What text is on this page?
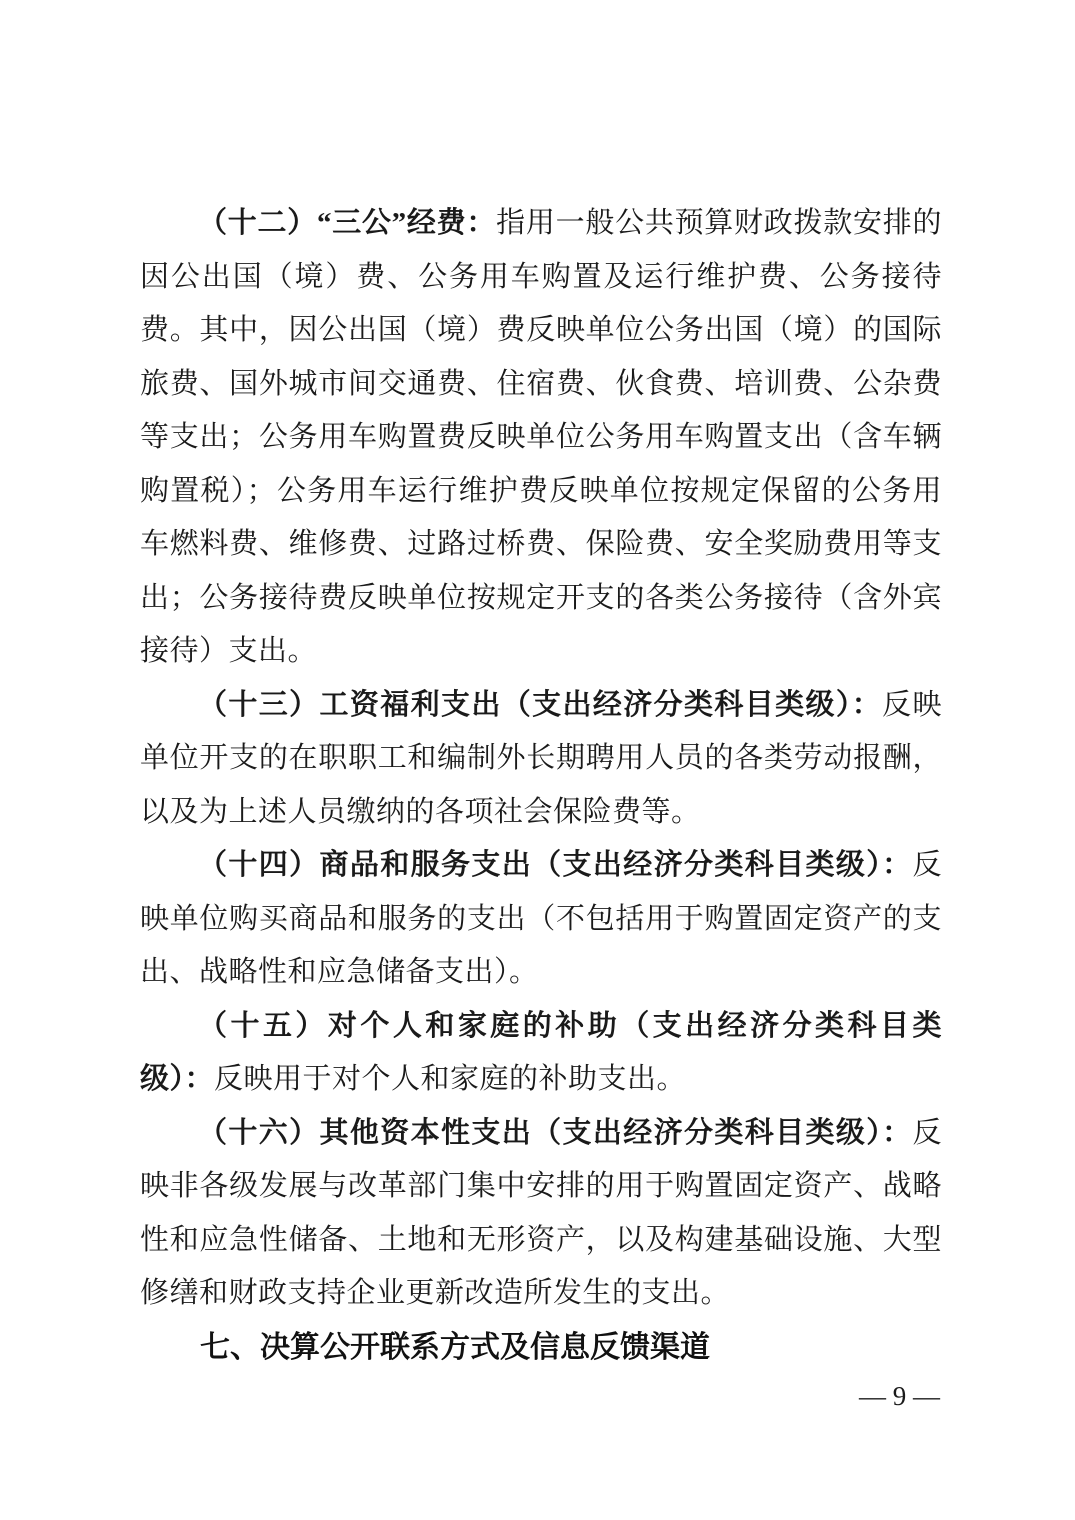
（十二）“三公”经费：指用一般公共预算财政拨款安排的因公出国（境）费、公务用车购置及运行维护费、公务接待费。其中，因公出国（境）费反映单位公务出国（境）的国际旅费、国外城市间交通费、住宿费、伙食费、培训费、公杂费等支出；公务用车购置费反映单位公务用车购置支出（含车辆购置税）；公务用车运行维护费反映单位按规定保留的公务用车燃料费、维修费、过路过桥费、保险费、安全奖励费用等支出；公务接待费反映单位按规定开支的各类公务接待（含外宾接待）支出。

（十三）工资福利支出（支出经济分类科目类级）：反映单位开支的在职职工和编制外长期聘用人员的各类劳动报酬，以及为上述人员缴纳的各项社会保险费等。

（十四）商品和服务支出（支出经济分类科目类级）：反映单位购买商品和服务的支出（不包括用于购置固定资产的支出、战略性和应急储备支出）。

（十五）对个人和家庭的补助（支出经济分类科目类级）：反映用于对个人和家庭的补助支出。

（十六）其他资本性支出（支出经济分类科目类级）：反映非各级发展与改革部门集中安排的用于购置固定资产、战略性和应急性储备、土地和无形资产，以及构建基础设施、大型修缮和财政支持企业更新改造所发生的支出。

七、决算公开联系方式及信息反馈渠道
— 9 —
